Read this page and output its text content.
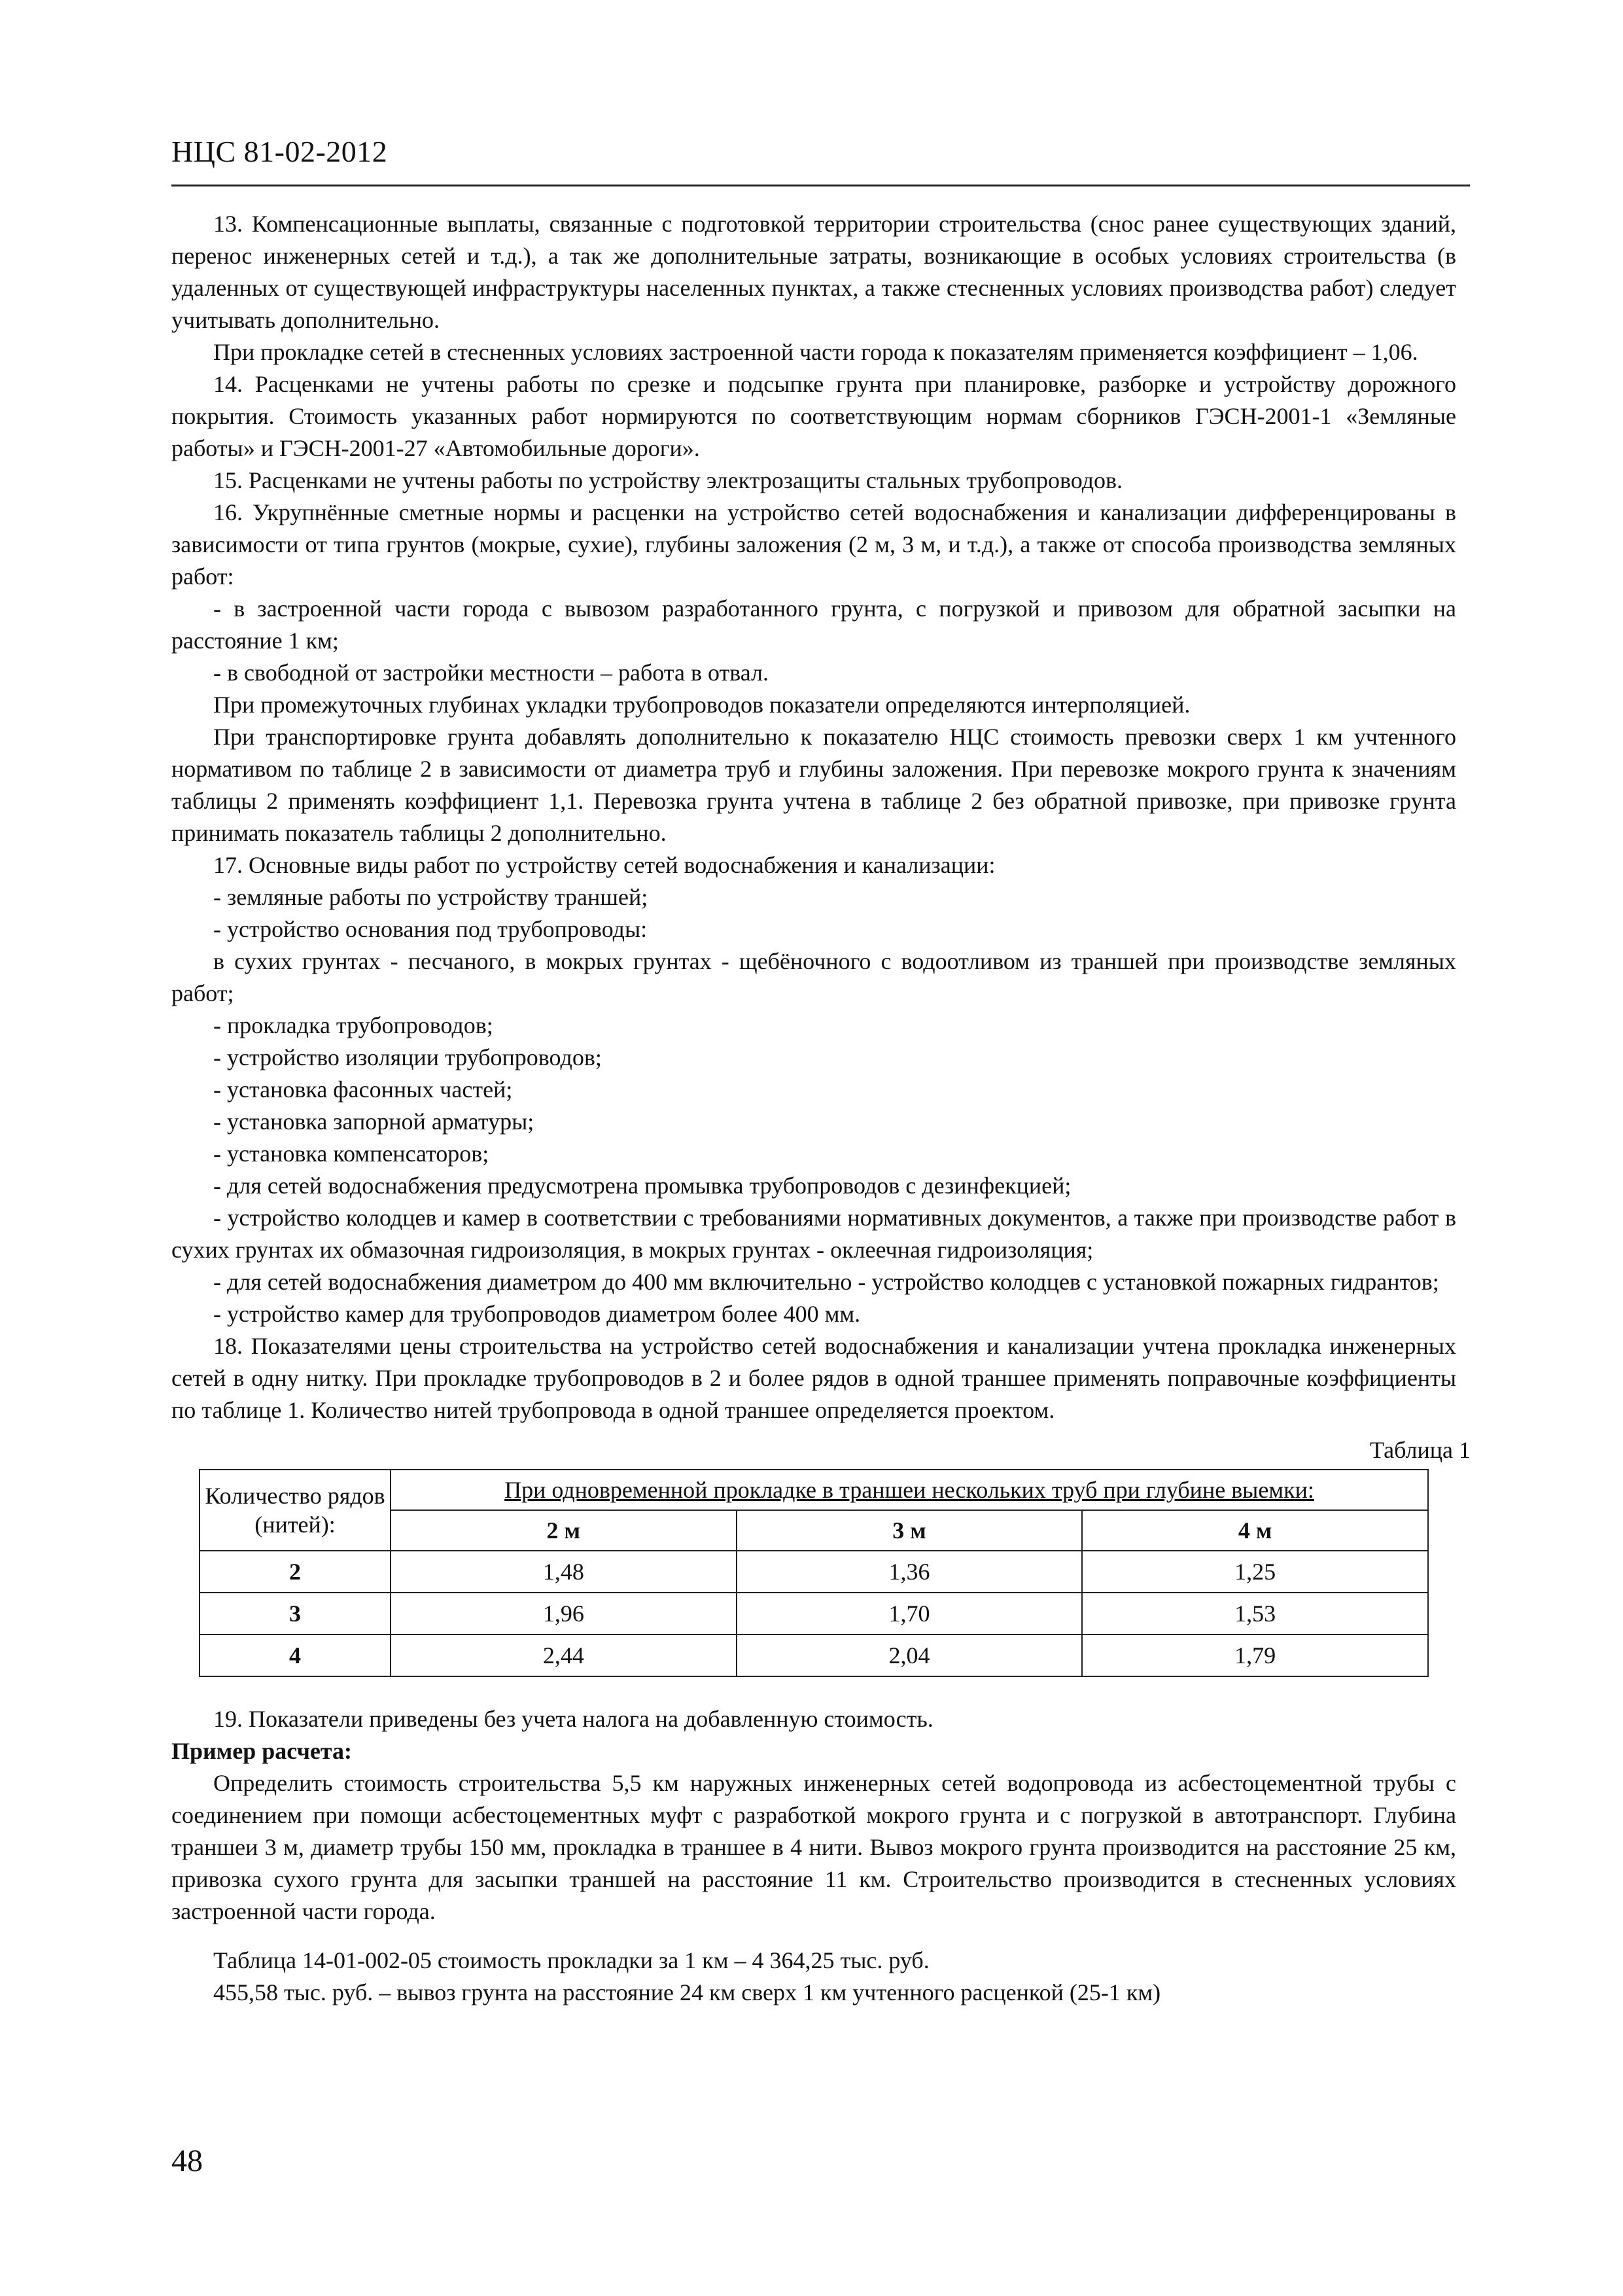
НЦС 81-02-2012

13. Компенсационные выплаты, связанные с подготовкой территории строительства (снос ранее существующих зданий, перенос инженерных сетей и т.д.), а так же дополнительные затраты, возникающие в особых условиях строительства (в удаленных от существующей инфраструктуры населенных пунктах, а также стесненных условиях производства работ) следует учитывать дополнительно.

При прокладке сетей в стесненных условиях застроенной части города к показателям применяется коэффициент – 1,06.

14. Расценками не учтены работы по срезке и подсыпке грунта при планировке, разборке и устройству дорожного покрытия. Стоимость указанных работ нормируются по соответствующим нормам сборников ГЭСН-2001-1 «Земляные работы» и ГЭСН-2001-27 «Автомобильные дороги».

15. Расценками не учтены работы по устройству электрозащиты стальных трубопроводов.

16. Укрупнённые сметные нормы и расценки на устройство сетей водоснабжения и канализации дифференцированы в зависимости от типа грунтов (мокрые, сухие), глубины заложения (2 м, 3 м, и т.д.), а также от способа производства земляных работ:

- в застроенной части города с вывозом разработанного грунта, с погрузкой и привозом для обратной засыпки на расстояние 1 км;

- в свободной от застройки местности – работа в отвал.

При промежуточных глубинах укладки трубопроводов показатели определяются интерполяцией.

При транспортировке грунта добавлять дополнительно к показателю НЦС стоимость превозки сверх 1 км учтенного нормативом по таблице 2 в зависимости от диаметра труб и глубины заложения. При перевозке мокрого грунта к значениям таблицы 2 применять коэффициент 1,1. Перевозка грунта учтена в таблице 2 без обратной привозке, при привозке грунта принимать показатель таблицы 2 дополнительно.

17. Основные виды работ по устройству сетей водоснабжения и канализации:

- земляные работы по устройству траншей;

- устройство основания под трубопроводы:

в сухих грунтах - песчаного, в мокрых грунтах - щебёночного с водоотливом из траншей при производстве земляных работ;

- прокладка трубопроводов;

- устройство изоляции трубопроводов;

- установка фасонных частей;

- установка запорной арматуры;

- установка компенсаторов;

- для сетей водоснабжения предусмотрена промывка трубопроводов с дезинфекцией;

- устройство колодцев и камер в соответствии с требованиями нормативных документов, а также при производстве работ в сухих грунтах их обмазочная гидроизоляция, в мокрых грунтах - оклеечная гидроизоляция;

- для сетей водоснабжения диаметром до 400 мм включительно - устройство колодцев с установкой пожарных гидрантов;

- устройство камер для трубопроводов диаметром более 400 мм.

18. Показателями цены строительства на устройство сетей водоснабжения и канализации учтена прокладка инженерных сетей в одну нитку. При прокладке трубопроводов в 2 и более рядов в одной траншее применять поправочные коэффициенты по таблице 1. Количество нитей трубопровода в одной траншее определяется проектом.

Таблица 1
Количество рядов (нитей):	При одновременной прокладке в траншеи нескольких труб при глубине выемки:		
	2 м	3 м	4 м
2	1,48	1,36	1,25
3	1,96	1,70	1,53
4	2,44	2,04	1,79

19. Показатели приведены без учета налога на добавленную стоимость.

Пример расчета:

Определить стоимость строительства 5,5 км наружных инженерных сетей водопровода из асбестоцементной трубы с соединением при помощи асбестоцементных муфт с разработкой мокрого грунта и с погрузкой в автотранспорт. Глубина траншеи 3 м, диаметр трубы 150 мм, прокладка в траншее в 4 нити. Вывоз мокрого грунта производится на расстояние 25 км, привозка сухого грунта для засыпки траншей на расстояние 11 км. Строительство производится в стесненных условиях застроенной части города.

Таблица 14-01-002-05 стоимость прокладки за 1 км – 4 364,25 тыс. руб.

455,58 тыс. руб. – вывоз грунта на расстояние 24 км сверх 1 км учтенного расценкой (25-1 км)

48
